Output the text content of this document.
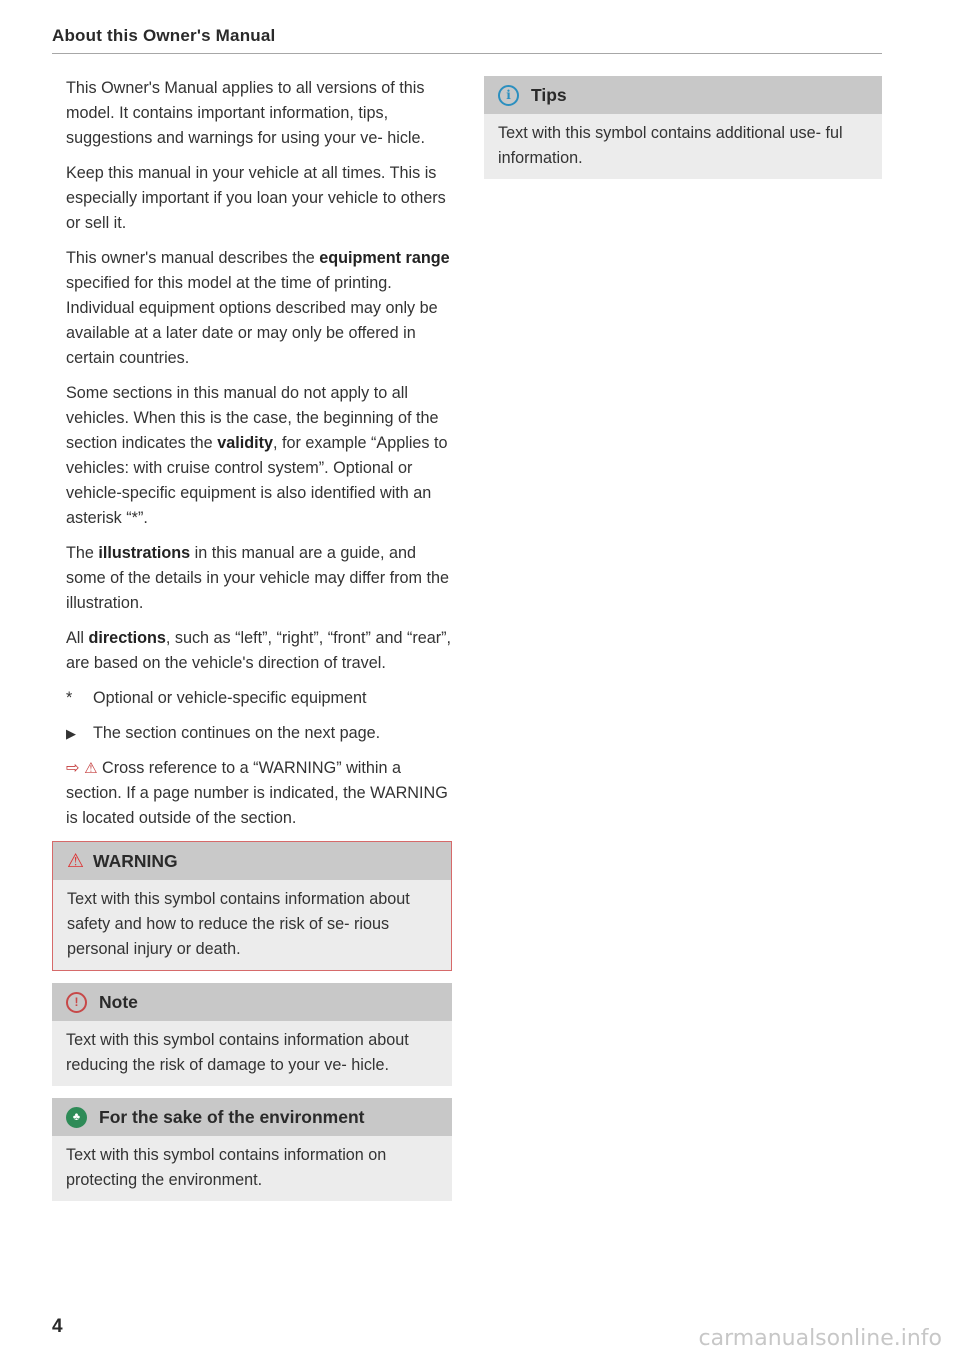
About this Owner's Manual

This Owner's Manual applies to all versions of this model. It contains important information, tips, suggestions and warnings for using your ve- hicle.

Keep this manual in your vehicle at all times. This is especially important if you loan your vehicle to others or sell it.

This owner's manual describes the equipment range specified for this model at the time of printing. Individual equipment options described may only be available at a later date or may only be offered in certain countries.

Some sections in this manual do not apply to all vehicles. When this is the case, the beginning of the section indicates the validity, for example “Applies to vehicles: with cruise control system”. Optional or vehicle-specific equipment is also identified with an asterisk “*”.

The illustrations in this manual are a guide, and some of the details in your vehicle may differ from the illustration.

All directions, such as “left”, “right”, “front” and “rear”, are based on the vehicle's direction of travel.

*	Optional or vehicle-specific equipment
▶	The section continues on the next page.

⇨ ⚠ Cross reference to a “WARNING” within a section. If a page number is indicated, the WARNING is located outside of the section.

⚠ WARNING
Text with this symbol contains information about safety and how to reduce the risk of se- rious personal injury or death.
!	Note
Text with this symbol contains information about reducing the risk of damage to your ve- hicle.
♣	For the sake of the environment
Text with this symbol contains information on protecting the environment.
i	Tips
Text with this symbol contains additional use- ful information.
4	carmanualsonline.info
